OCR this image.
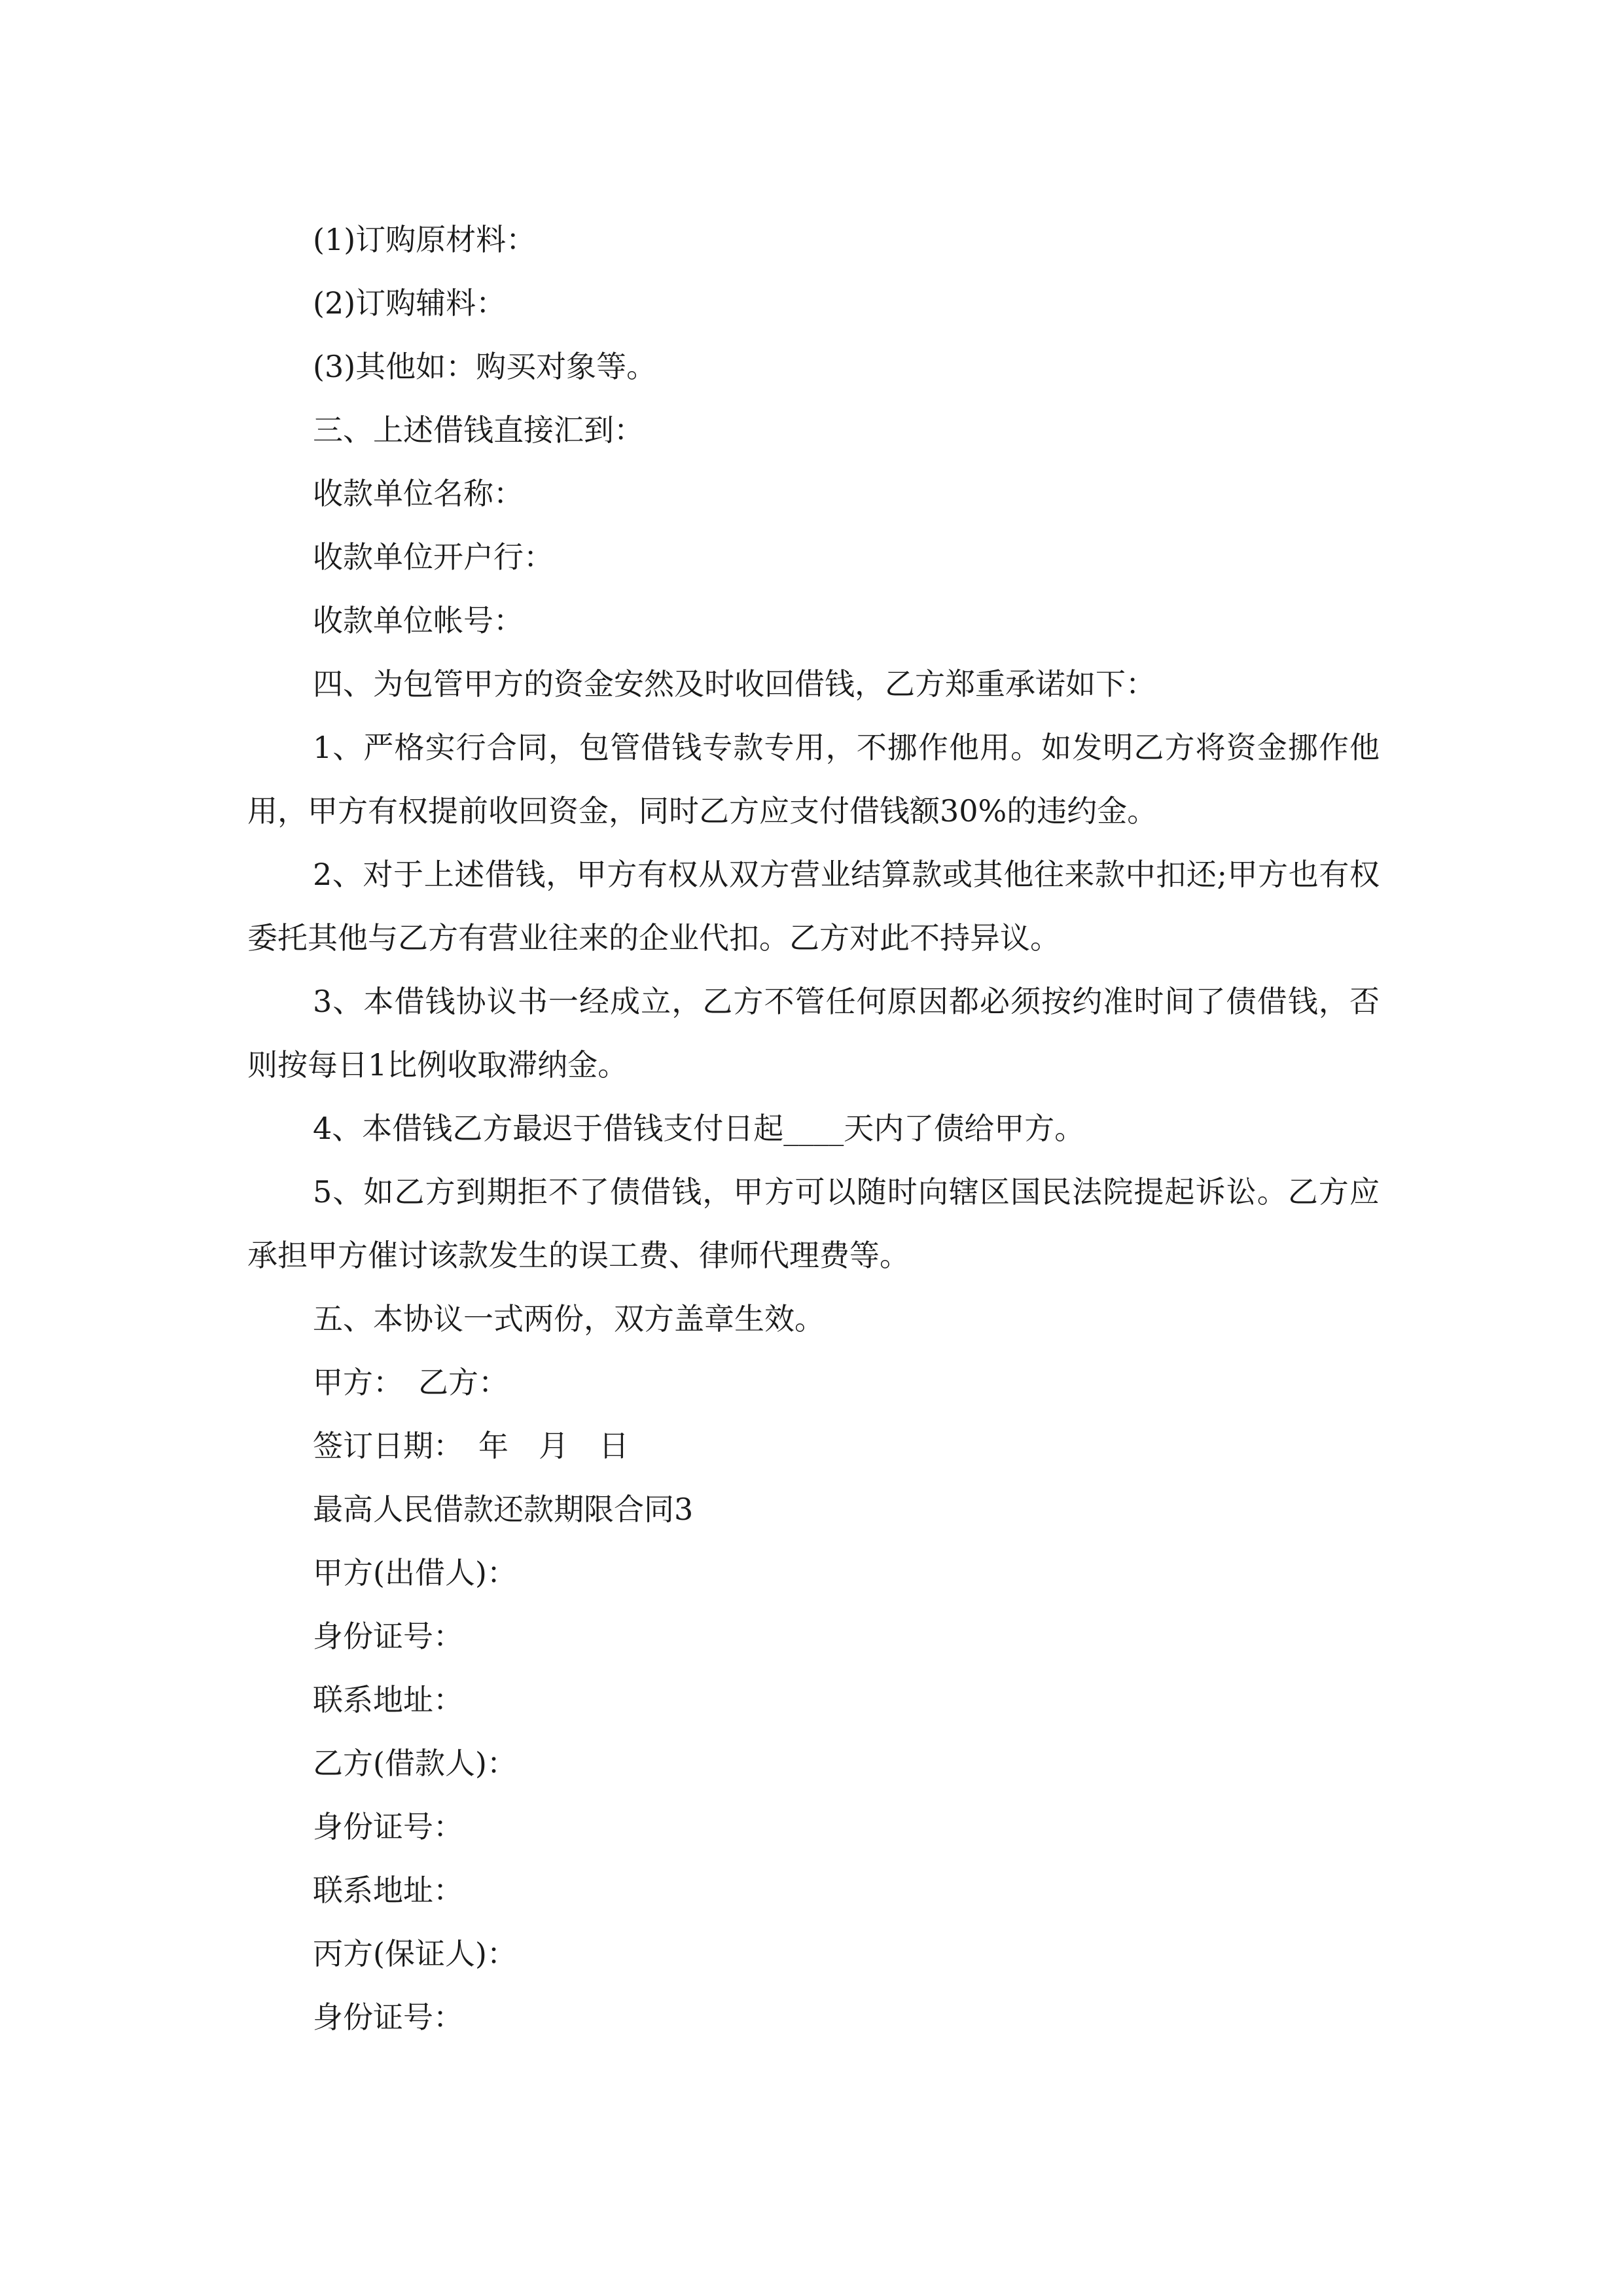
(1)订购原材料：

(2)订购辅料：

(3)其他如：购买对象等。

三、上述借钱直接汇到：

收款单位名称：

收款单位开户行：

收款单位帐号：

四、为包管甲方的资金安然及时收回借钱，乙方郑重承诺如下：

1、严格实行合同，包管借钱专款专用，不挪作他用。如发明乙方将资金挪作他用，甲方有权提前收回资金，同时乙方应支付借钱额30%的违约金。

2、对于上述借钱，甲方有权从双方营业结算款或其他往来款中扣还;甲方也有权委托其他与乙方有营业往来的企业代扣。乙方对此不持异议。

3、本借钱协议书一经成立，乙方不管任何原因都必须按约准时间了债借钱，否则按每日1比例收取滞纳金。

4、本借钱乙方最迟于借钱支付日起____天内了债给甲方。

5、如乙方到期拒不了债借钱，甲方可以随时向辖区国民法院提起诉讼。乙方应承担甲方催讨该款发生的误工费、律师代理费等。

五、本协议一式两份，双方盖章生效。

甲方：　乙方：

签订日期：　年　月　日

最高人民借款还款期限合同3

甲方(出借人)：

身份证号：

联系地址：

乙方(借款人)：

身份证号：

联系地址：

丙方(保证人)：

身份证号：
